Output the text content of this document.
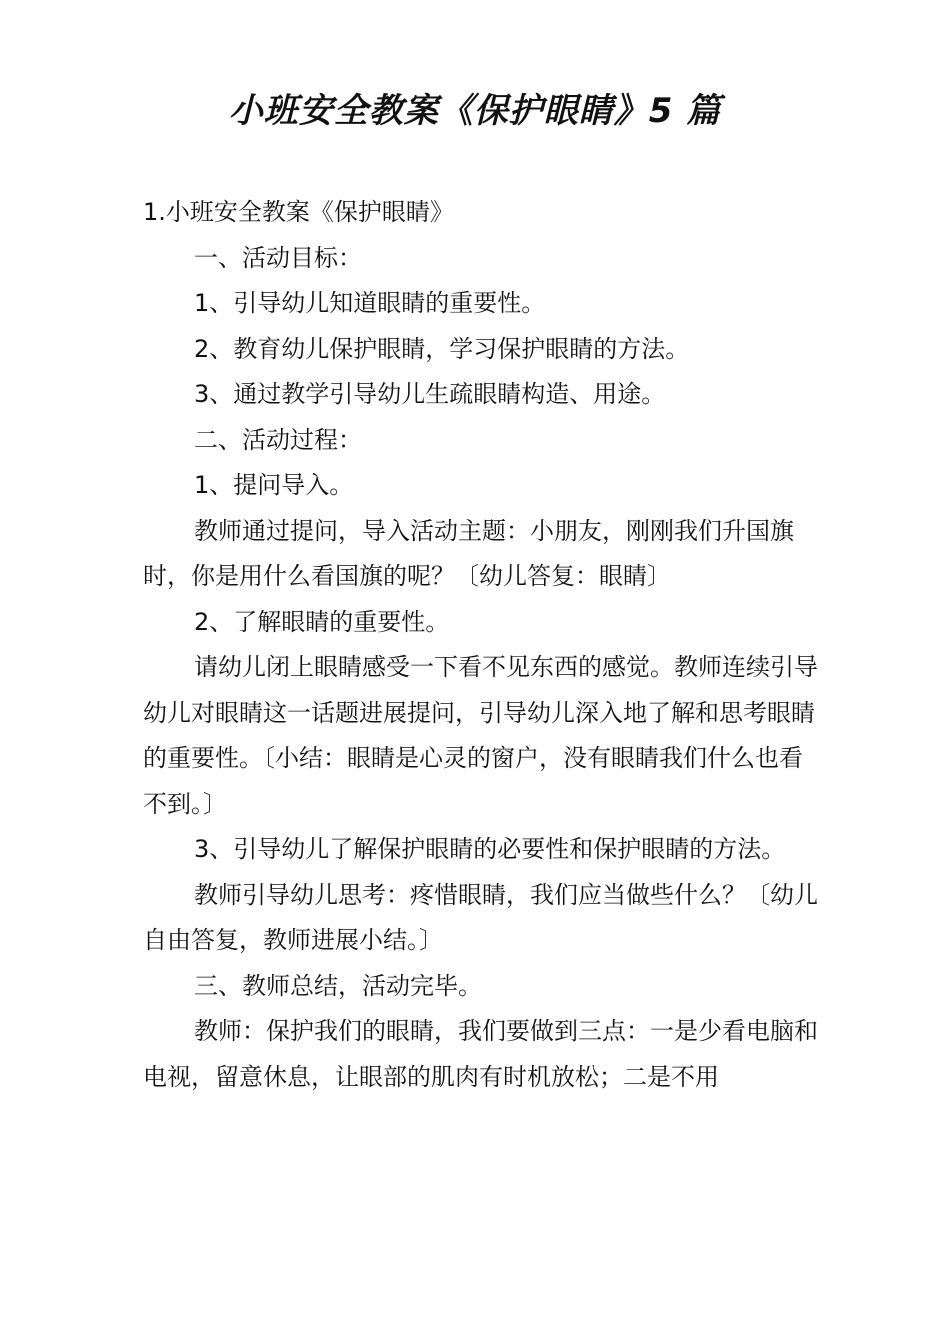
小班安全教案《保护眼睛》5 篇

1.小班安全教案《保护眼睛》

一、活动目标：

1、引导幼儿知道眼睛的重要性。

2、教育幼儿保护眼睛，学习保护眼睛的方法。

3、通过教学引导幼儿生疏眼睛构造、用途。

二、活动过程：

1、提问导入。

教师通过提问，导入活动主题：小朋友，刚刚我们升国旗时，你是用什么看国旗的呢？〔幼儿答复：眼睛〕

2、了解眼睛的重要性。

请幼儿闭上眼睛感受一下看不见东西的感觉。教师连续引导幼儿对眼睛这一话题进展提问，引导幼儿深入地了解和思考眼睛的重要性。〔小结：眼睛是心灵的窗户，没有眼睛我们什么也看不到。〕

3、引导幼儿了解保护眼睛的必要性和保护眼睛的方法。

教师引导幼儿思考：疼惜眼睛，我们应当做些什么？〔幼儿自由答复，教师进展小结。〕

三、教师总结，活动完毕。

教师：保护我们的眼睛，我们要做到三点：一是少看电脑和电视，留意休息，让眼部的肌肉有时机放松；二是不用
